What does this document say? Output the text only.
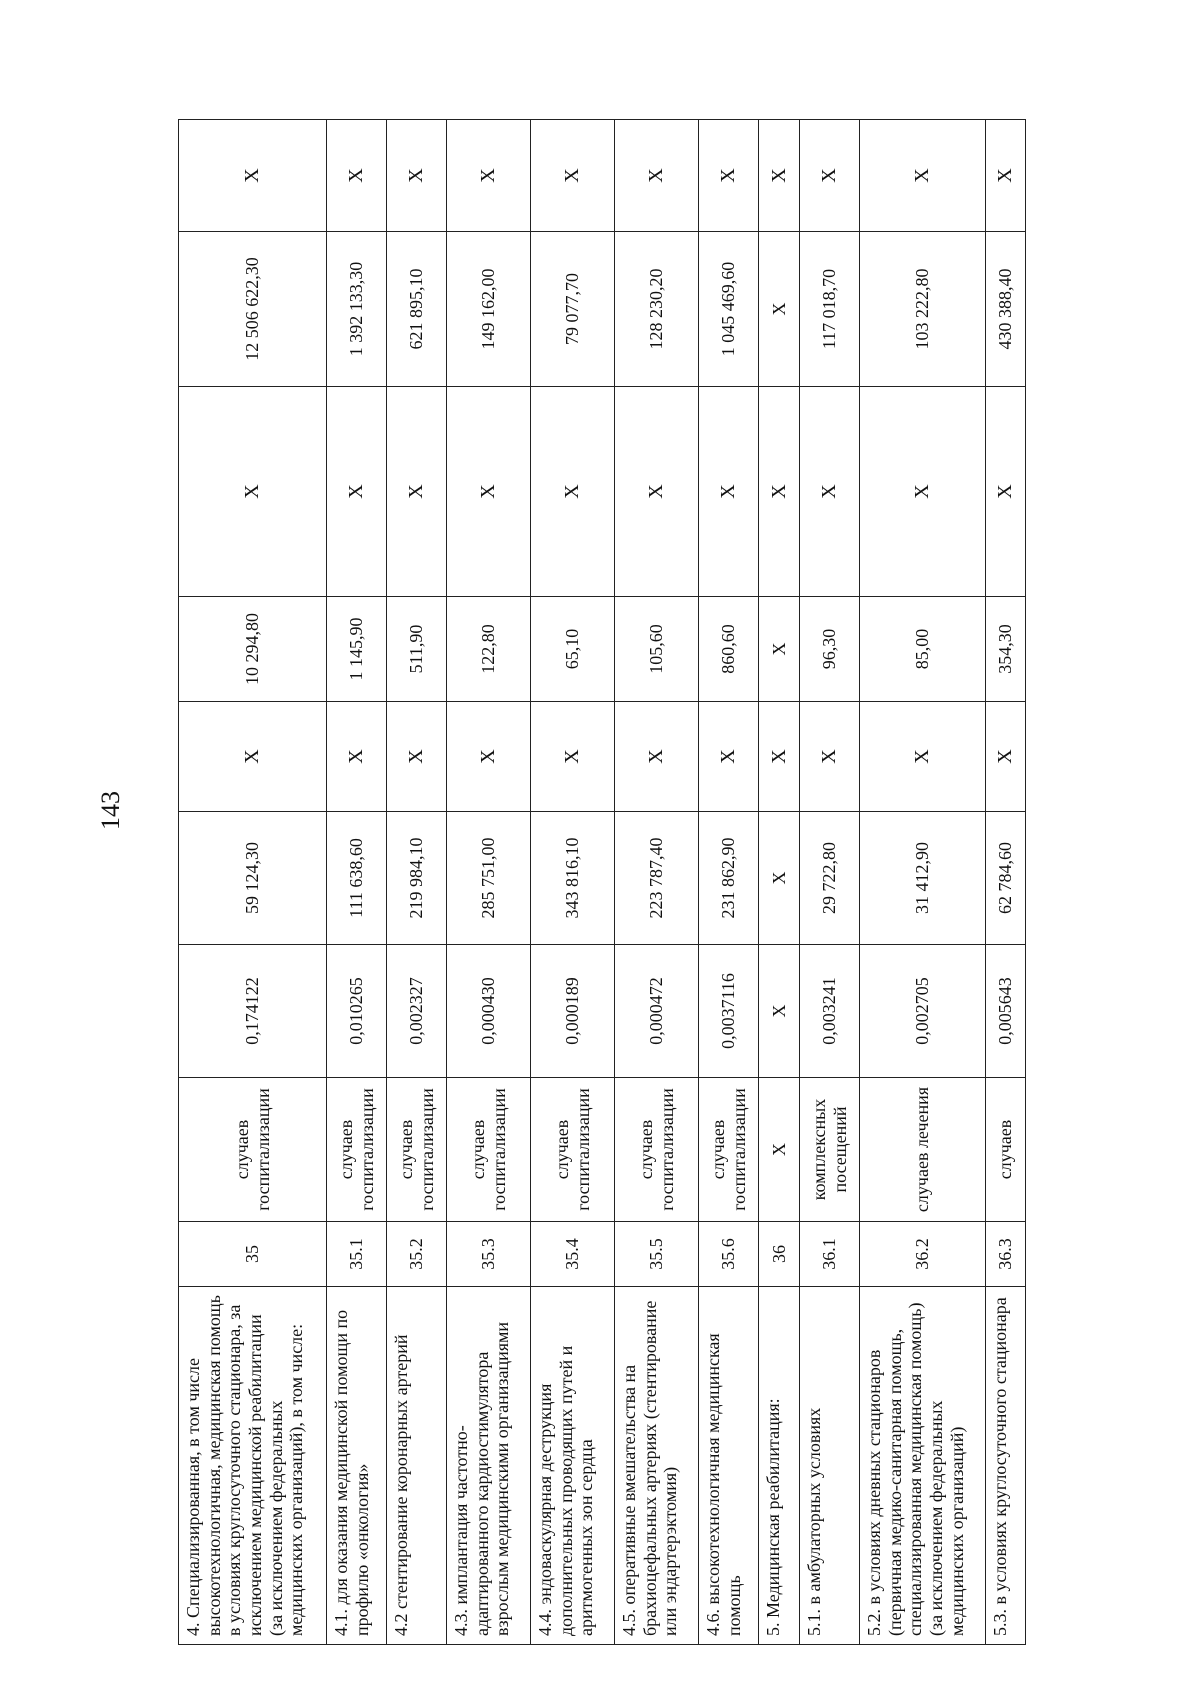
143
4. Специализированная, в том числе высокотехнологичная, медицинская помощь в условиях круглосуточного стационара, за исключением медицинской реабилитации (за исключением федеральных медицинских организаций), в том числе:	35	случаев госпитализации	0,174122	59 124,30	X	10 294,80	X	12 506 622,30	X
4.1. для оказания медицинской помощи по профилю «онкология»	35.1	случаев госпитализации	0,010265	111 638,60	X	1 145,90	X	1 392 133,30	X
4.2 стентирование коронарных артерий	35.2	случаев госпитализации	0,002327	219 984,10	X	511,90	X	621 895,10	X
4.3. имплантация частотно-адаптированного кардиостимулятора взрослым медицинскими организациями	35.3	случаев госпитализации	0,000430	285 751,00	X	122,80	X	149 162,00	X
4.4. эндоваскулярная деструкция дополнительных проводящих путей и аритмогенных зон сердца	35.4	случаев госпитализации	0,000189	343 816,10	X	65,10	X	79 077,70	X
4.5. оперативные вмешательства на брахиоцефальных артериях (стентирование или эндартерэктомия)	35.5	случаев госпитализации	0,000472	223 787,40	X	105,60	X	128 230,20	X
4.6. высокотехнологичная медицинская помощь	35.6	случаев госпитализации	0,0037116	231 862,90	X	860,60	X	1 045 469,60	X
5. Медицинская реабилитация:	36	X	X	X	X	X	X	X	X
5.1. в амбулаторных условиях	36.1	комплексных посещений	0,003241	29 722,80	X	96,30	X	117 018,70	X
5.2. в условиях дневных стационаров (первичная медико-санитарная помощь, специализированная медицинская помощь) (за исключением федеральных медицинских организаций)	36.2	случаев лечения	0,002705	31 412,90	X	85,00	X	103 222,80	X
5.3. в условиях круглосуточного стационара	36.3	случаев	0,005643	62 784,60	X	354,30	X	430 388,40	X
